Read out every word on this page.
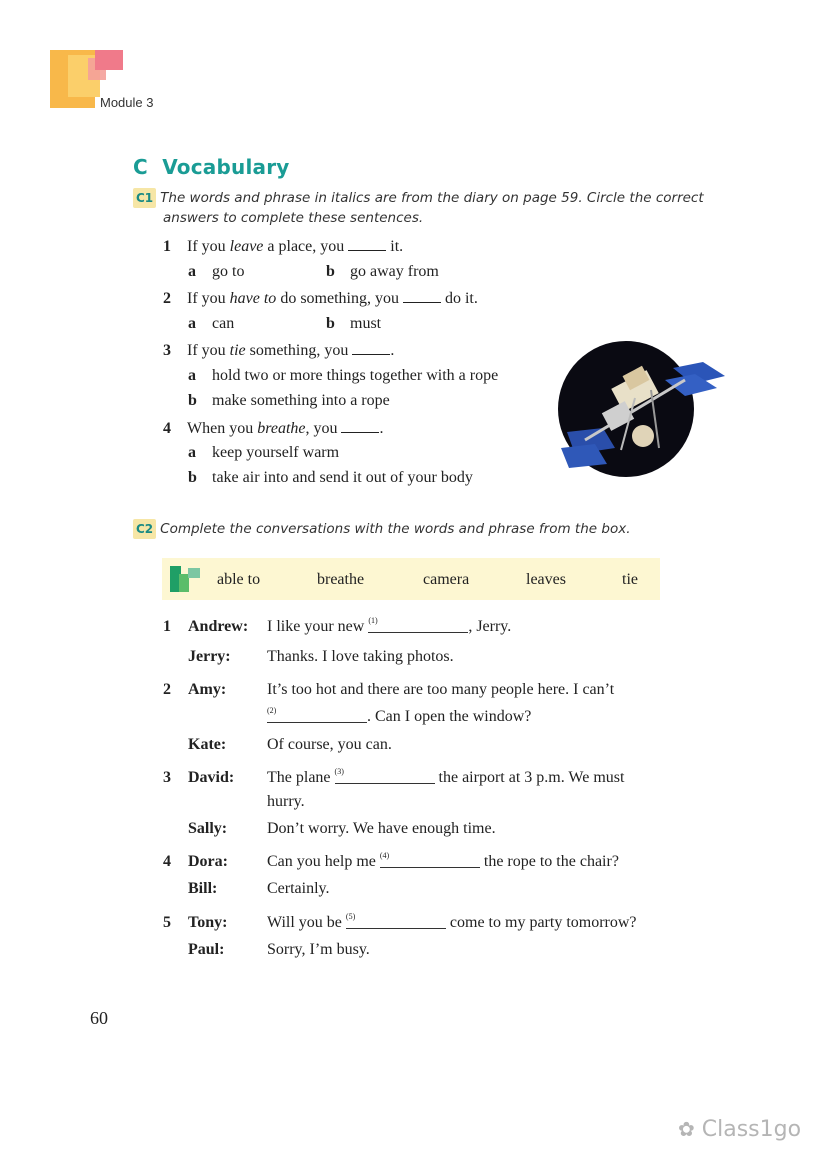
Module 3
C Vocabulary
C1 The words and phrase in italics are from the diary on page 59. Circle the correct
answers to complete these sentences.
1 If you leave a place, you  it.
a go to	b go away from
2 If you have to do something, you  do it.
a can	b must
3 If you tie something, you .
a hold two or more things together with a rope
b make something into a rope
4 When you breathe, you .
a keep yourself warm
b take air into and send it out of your body
C2 Complete the conversations with the words and phrase from the box.
able to	breathe	camera	leaves	tie
1 Andrew: I like your new $^{(1)}$	, Jerry.
Jerry: Thanks. I love taking photos.
2 Amy:	It’s too hot and there are too many people here. I can’t
$^{(2)}$	. Can I open the window?
Kate:	Of course, you can.
3 David: The plane $^{(3)}$	the airport at 3 p.m. We must
hurry.
Sally: Don’t worry. We have enough time.
4 Dora: Can you help me $^{(4)}$	the rope to the chair?
Bill:	Certainly.
5 Tony: Will you be $^{(5)}$	come to my party tomorrow?
Paul:	Sorry, I’m busy.
60
✿ Class1go
